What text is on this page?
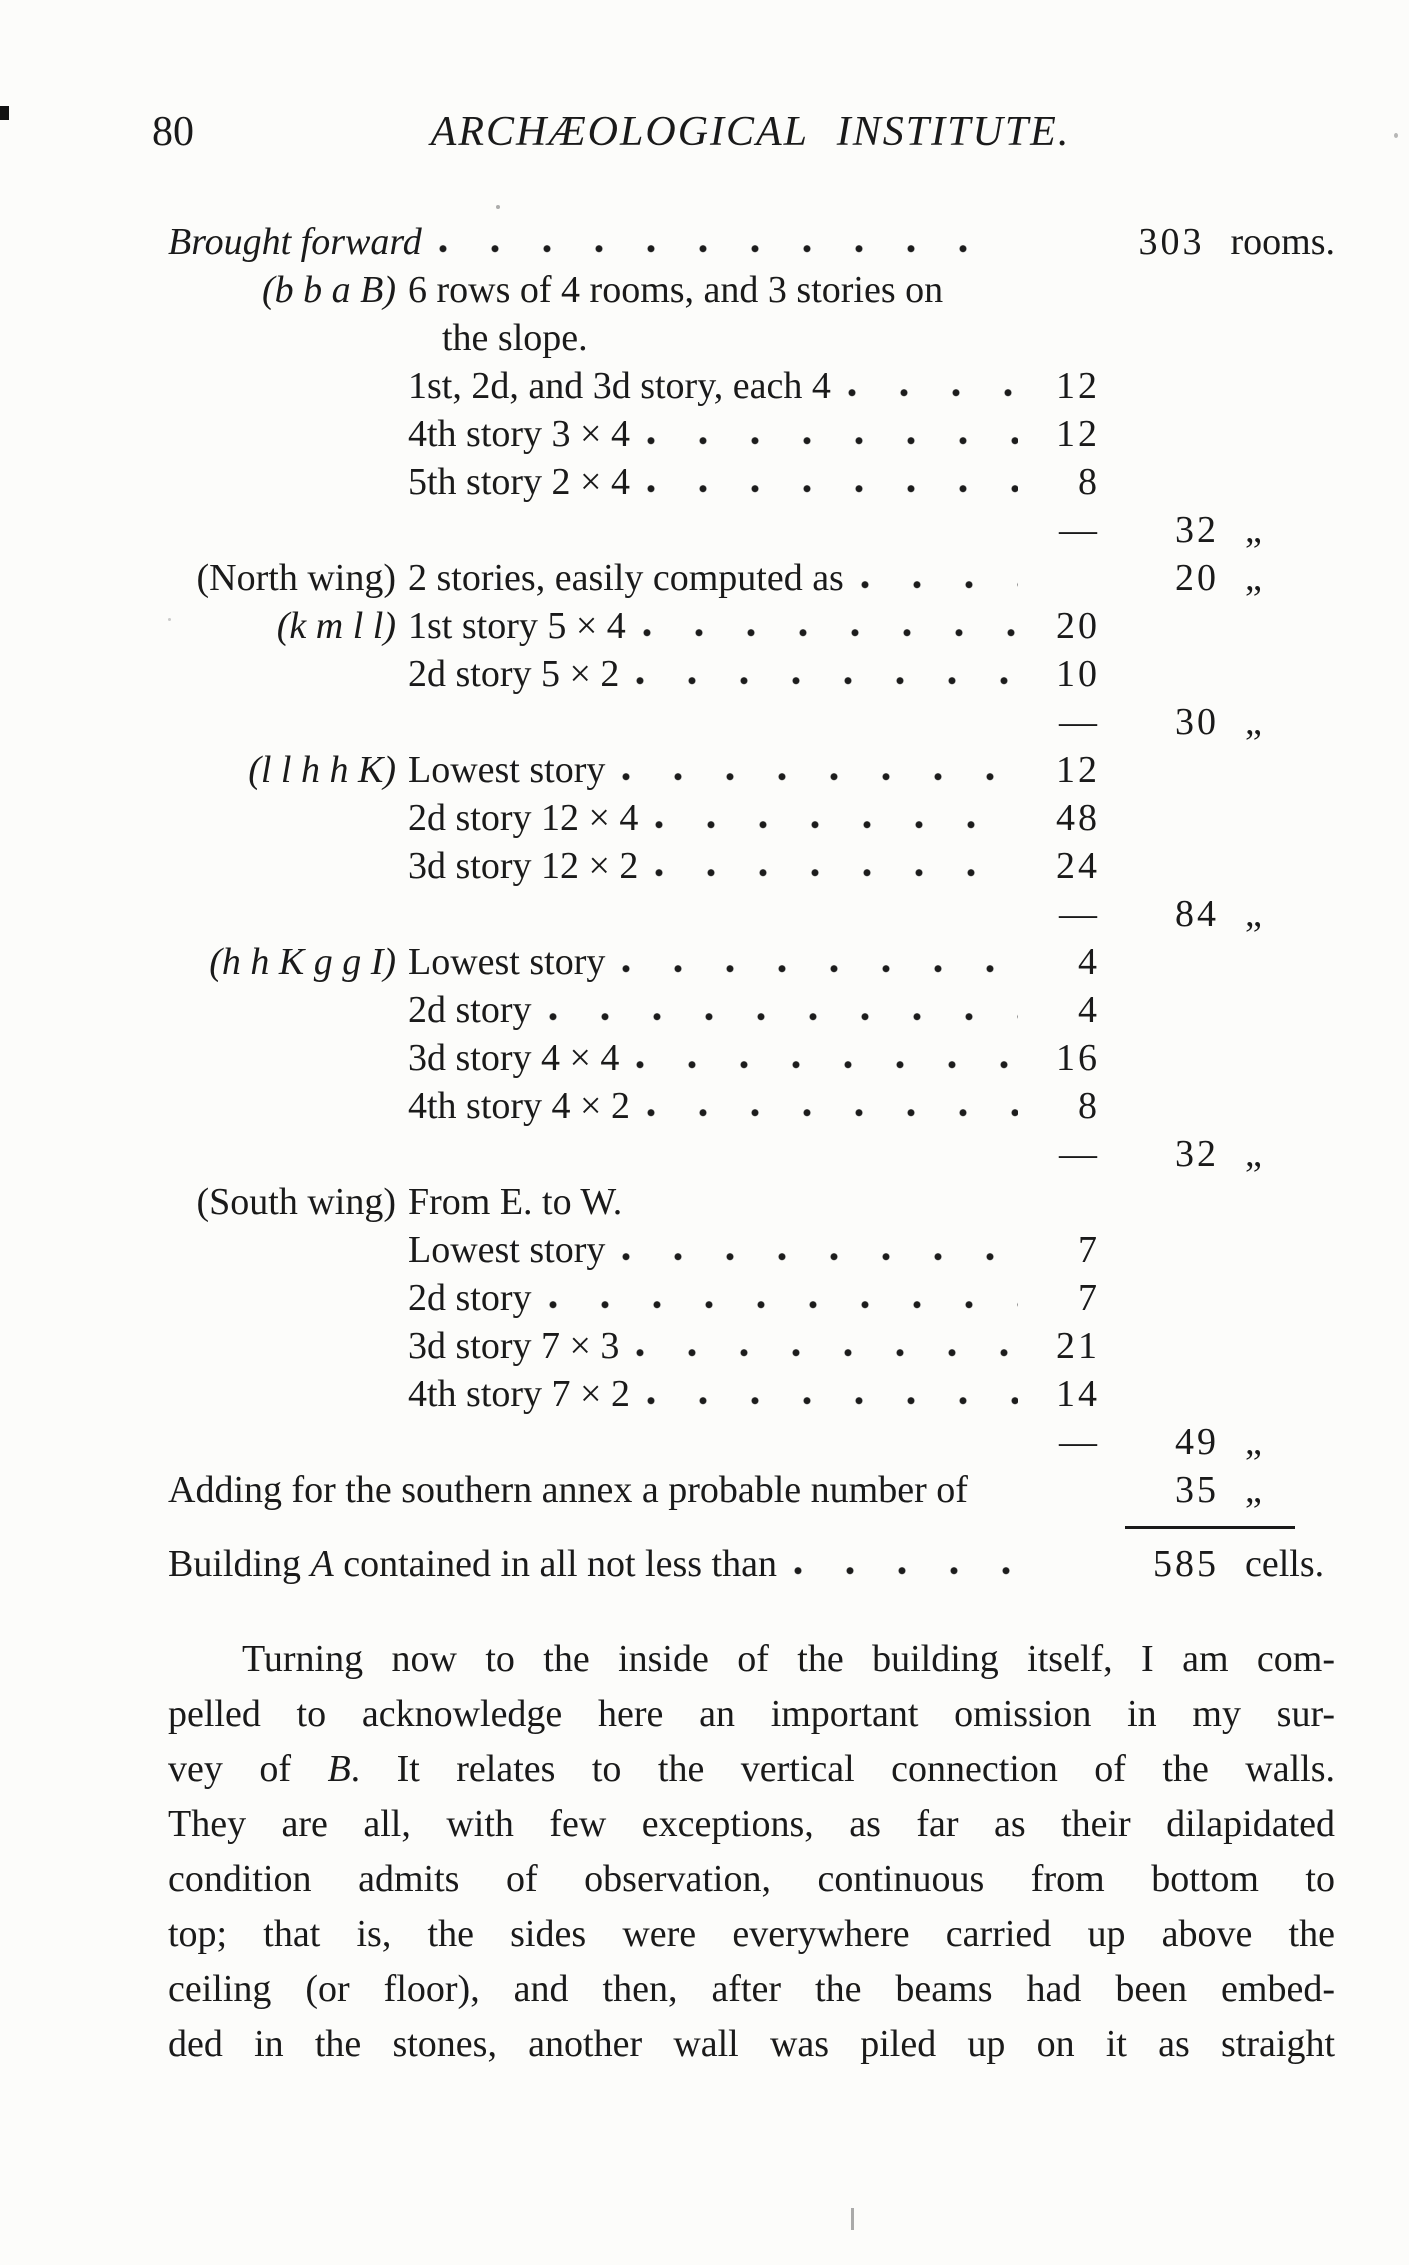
80	ARCHÆOLOGICAL INSTITUTE.
Brought forward	303 rooms.
(b b a B) 6 rows of 4 rooms, and 3 stories on
the slope.
1st, 2d, and 3d story, each 4	12
4th story 3 × 4	12
5th story 2 × 4	8
—	32 „
(North wing) 2 stories, easily computed as	20 „
(k m l l) 1st story 5 × 4	20
2d story 5 × 2	10
—	30 „
(l l h h K) Lowest story	12
2d story 12 × 4	48
3d story 12 × 2	24
—	84 „
(h h K g g I) Lowest story	4
2d story	4
3d story 4 × 4	16
4th story 4 × 2	8
—	32 „
(South wing) From E. to W.
Lowest story	7
2d story	7
3d story 7 × 3	21
4th story 7 × 2	14
—	49 „
Adding for the southern annex a probable number of	35 „
Building A contained in all not less than	585 cells.
Turning now to the inside of the building itself, I am com-
pelled to acknowledge here an important omission in my sur-
vey of B. It relates to the vertical connection of the walls.
They are all, with few exceptions, as far as their dilapidated
condition admits of observation, continuous from bottom to
top; that is, the sides were everywhere carried up above the
ceiling (or floor), and then, after the beams had been embed-
ded in the stones, another wall was piled up on it as straight
